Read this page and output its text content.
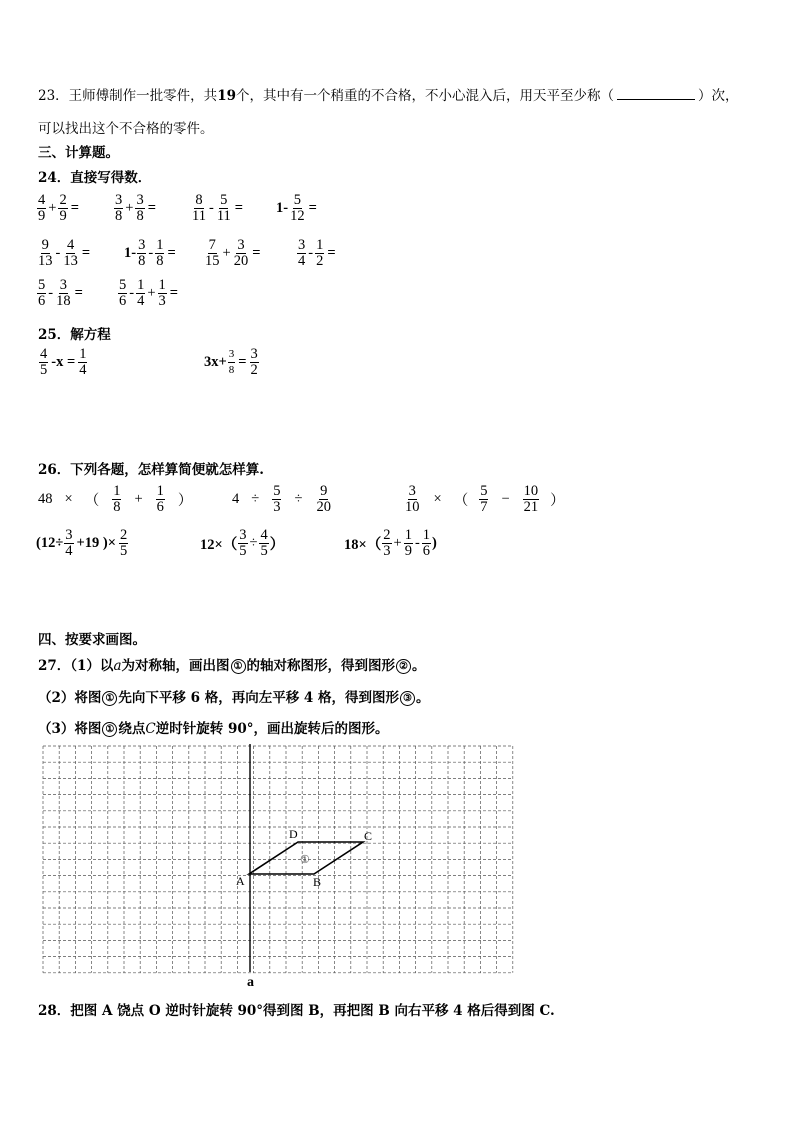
23．王师傅制作一批零件，共19个，其中有一个稍重的不合格，不小心混入后，用天平至少称（	）次，
可以找出这个不合格的零件。
三、计算题。
24．直接写得数．
$\frac{4}{9} + \frac{2}{9} = \frac{3}{8} + \frac{3}{8} = \frac{8}{11} - \frac{5}{11} = 1- \frac{5}{12}$ =
$\frac{9}{13} - \frac{4}{13} = 1- \frac{3}{8} - \frac{1}{8} = \frac{7}{15} + \frac{3}{20}$ =	$\frac{3}{4} - \frac{1}{2}$ =
$\frac{5}{6} - \frac{3}{18} = \frac{5}{6} - \frac{1}{4} + \frac{1}{3}$ =
25．解方程
$\frac{4}{5} -x = \frac{1}{4}$	$3x+ \frac{3}{8} = \frac{3}{2}$
26．下列各题，怎样算简便就怎样算.
48 × （ $\frac{1}{8} + \frac{1}{6}$ ）	$4 \div \frac{5}{3} \div \frac{9}{20}$	$\frac{3}{10}$ × （ $\frac{5}{7} - \frac{10}{21}$ ）
($12\div \frac{3}{4} +19$ )× $\frac{2}{5}$	$12\times( \frac{3}{5} \div \frac{4}{5}$ ）	$18\times( \frac{2}{3} + \frac{1}{9} - \frac{1}{6}$ )
四、按要求画图。
27．（1）以a为对称轴，画出图 ① 的轴对称图形，得到图形 ② 。
（2）将图 ① 先向下平移 6 格，再向左平移 4 格，得到图形 ③ 。
（3）将图 ① 绕点C逆时针旋转 90°，画出旋转后的图形。
A	B
C
D
①
a
28．把图 A 饶点 O 逆时针旋转 90°得到图 B，再把图 B 向右平移 4 格后得到图 C.
